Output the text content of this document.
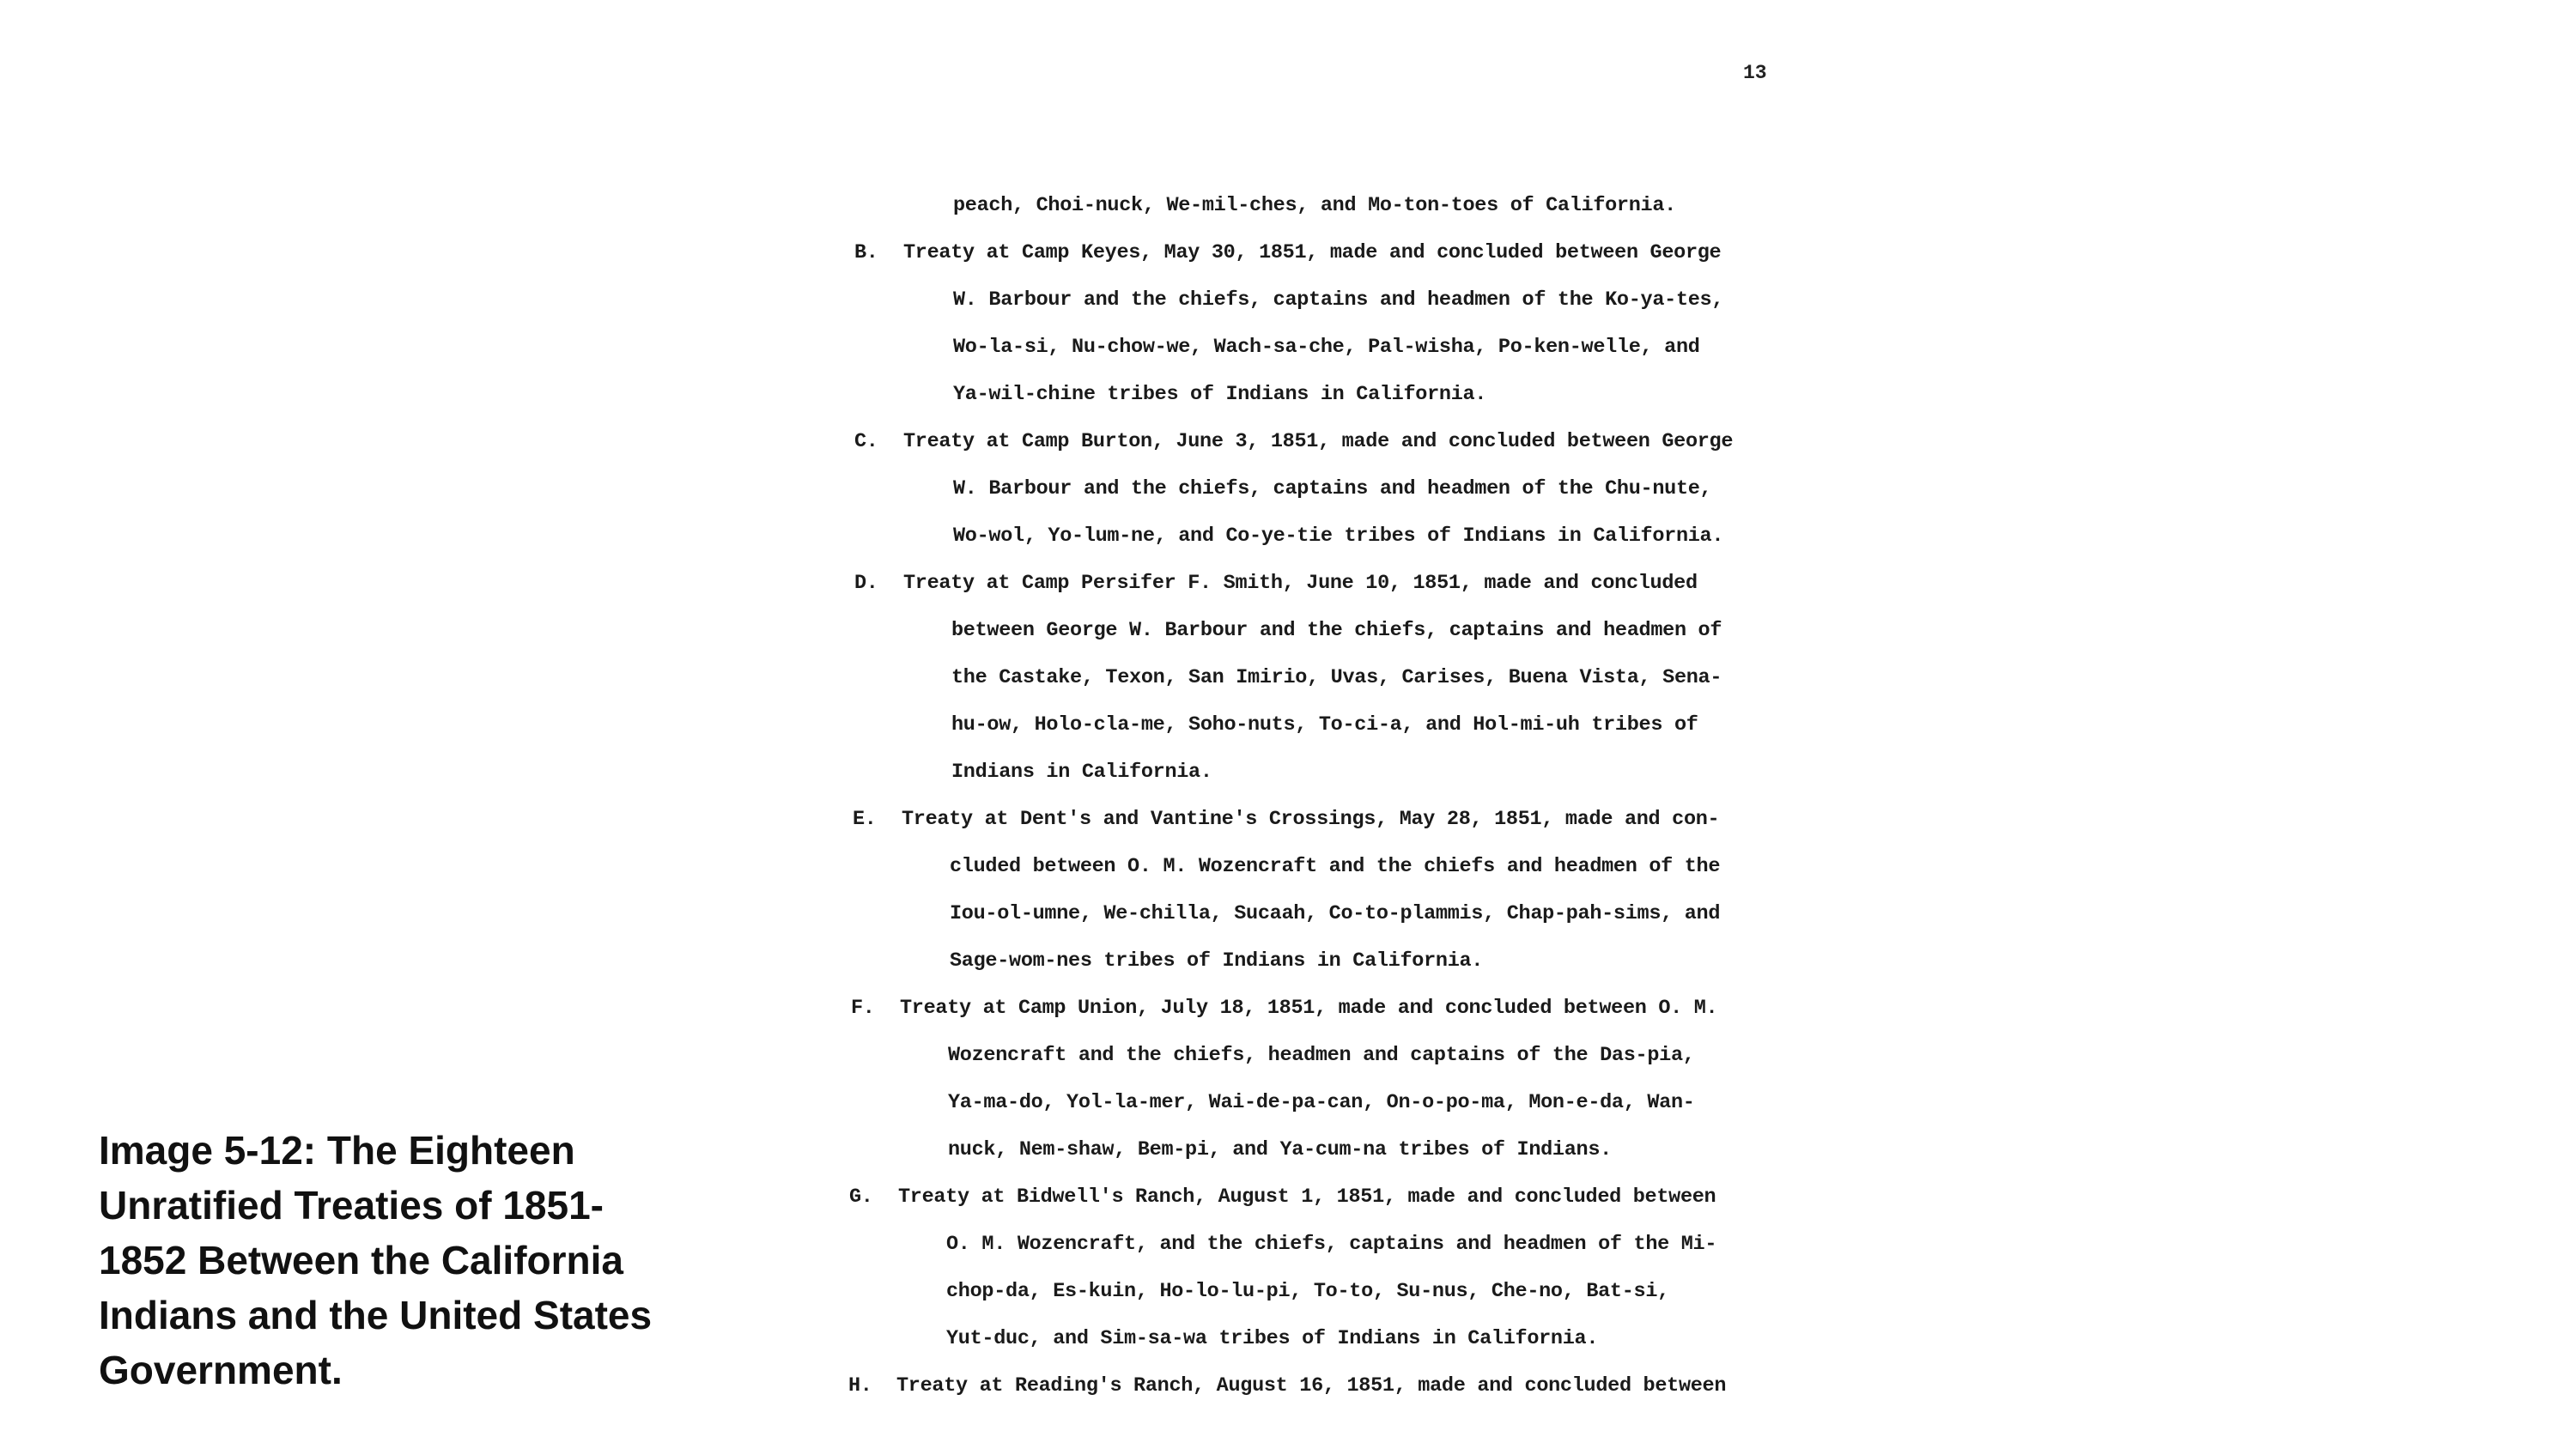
Image 5-12: The Eighteen Unratified Treaties of 1851-1852 Between the California Indians and the United States Government.
13
peach, Choi-nuck, We-mil-ches, and Mo-ton-toes of California.
B. Treaty at Camp Keyes, May 30, 1851, made and concluded between George
W. Barbour and the chiefs, captains and headmen of the Ko-ya-tes,
Wo-la-si, Nu-chow-we, Wach-sa-che, Pal-wisha, Po-ken-welle, and
Ya-wil-chine tribes of Indians in California.
C. Treaty at Camp Burton, June 3, 1851, made and concluded between George
W. Barbour and the chiefs, captains and headmen of the Chu-nute,
Wo-wol, Yo-lum-ne, and Co-ye-tie tribes of Indians in California.
D. Treaty at Camp Persifer F. Smith, June 10, 1851, made and concluded
between George W. Barbour and the chiefs, captains and headmen of
the Castake, Texon, San Imirio, Uvas, Carises, Buena Vista, Sena-
hu-ow, Holo-cla-me, Soho-nuts, To-ci-a, and Hol-mi-uh tribes of
Indians in California.
E. Treaty at Dent's and Vantine's Crossings, May 28, 1851, made and con-
cluded between O. M. Wozencraft and the chiefs and headmen of the
Iou-ol-umne, We-chilla, Sucaah, Co-to-plammis, Chap-pah-sims, and
Sage-wom-nes tribes of Indians in California.
F. Treaty at Camp Union, July 18, 1851, made and concluded between O. M.
Wozencraft and the chiefs, headmen and captains of the Das-pia,
Ya-ma-do, Yol-la-mer, Wai-de-pa-can, On-o-po-ma, Mon-e-da, Wan-
nuck, Nem-shaw, Bem-pi, and Ya-cum-na tribes of Indians.
G. Treaty at Bidwell's Ranch, August 1, 1851, made and concluded between
O. M. Wozencraft, and the chiefs, captains and headmen of the Mi-
chop-da, Es-kuin, Ho-lo-lu-pi, To-to, Su-nus, Che-no, Bat-si,
Yut-duc, and Sim-sa-wa tribes of Indians in California.
H. Treaty at Reading's Ranch, August 16, 1851, made and concluded between
